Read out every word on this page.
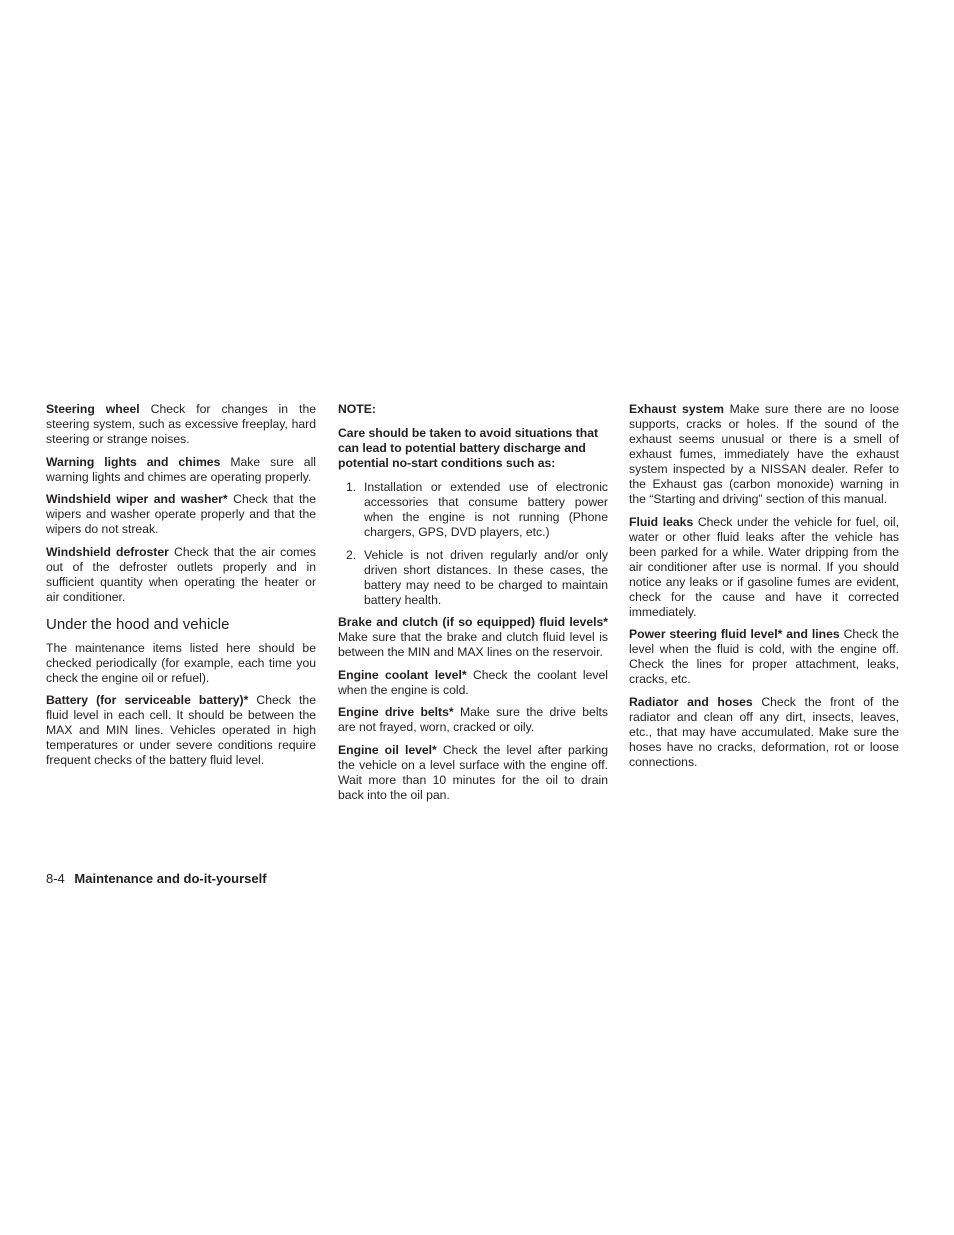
Steering wheel Check for changes in the steering system, such as excessive freeplay, hard steering or strange noises.

Warning lights and chimes Make sure all warning lights and chimes are operating properly.

Windshield wiper and washer* Check that the wipers and washer operate properly and that the wipers do not streak.

Windshield defroster Check that the air comes out of the defroster outlets properly and in sufficient quantity when operating the heater or air conditioner.

Under the hood and vehicle

The maintenance items listed here should be checked periodically (for example, each time you check the engine oil or refuel).

Battery (for serviceable battery)* Check the fluid level in each cell. It should be between the MAX and MIN lines. Vehicles operated in high temperatures or under severe conditions require frequent checks of the battery fluid level.

NOTE:
Care should be taken to avoid situations that can lead to potential battery discharge and potential no-start conditions such as:
1. Installation or extended use of electronic accessories that consume battery power when the engine is not running (Phone chargers, GPS, DVD players, etc.)
2. Vehicle is not driven regularly and/or only driven short distances. In these cases, the battery may need to be charged to maintain battery health.

Brake and clutch (if so equipped) fluid levels* Make sure that the brake and clutch fluid level is between the MIN and MAX lines on the reservoir.

Engine coolant level* Check the coolant level when the engine is cold.

Engine drive belts* Make sure the drive belts are not frayed, worn, cracked or oily.

Engine oil level* Check the level after parking the vehicle on a level surface with the engine off. Wait more than 10 minutes for the oil to drain back into the oil pan.

Exhaust system Make sure there are no loose supports, cracks or holes. If the sound of the exhaust seems unusual or there is a smell of exhaust fumes, immediately have the exhaust system inspected by a NISSAN dealer. Refer to the Exhaust gas (carbon monoxide) warning in the “Starting and driving” section of this manual.

Fluid leaks Check under the vehicle for fuel, oil, water or other fluid leaks after the vehicle has been parked for a while. Water dripping from the air conditioner after use is normal. If you should notice any leaks or if gasoline fumes are evident, check for the cause and have it corrected immediately.

Power steering fluid level* and lines Check the level when the fluid is cold, with the engine off. Check the lines for proper attachment, leaks, cracks, etc.

Radiator and hoses Check the front of the radiator and clean off any dirt, insects, leaves, etc., that may have accumulated. Make sure the hoses have no cracks, deformation, rot or loose connections.

8-4 Maintenance and do-it-yourself
